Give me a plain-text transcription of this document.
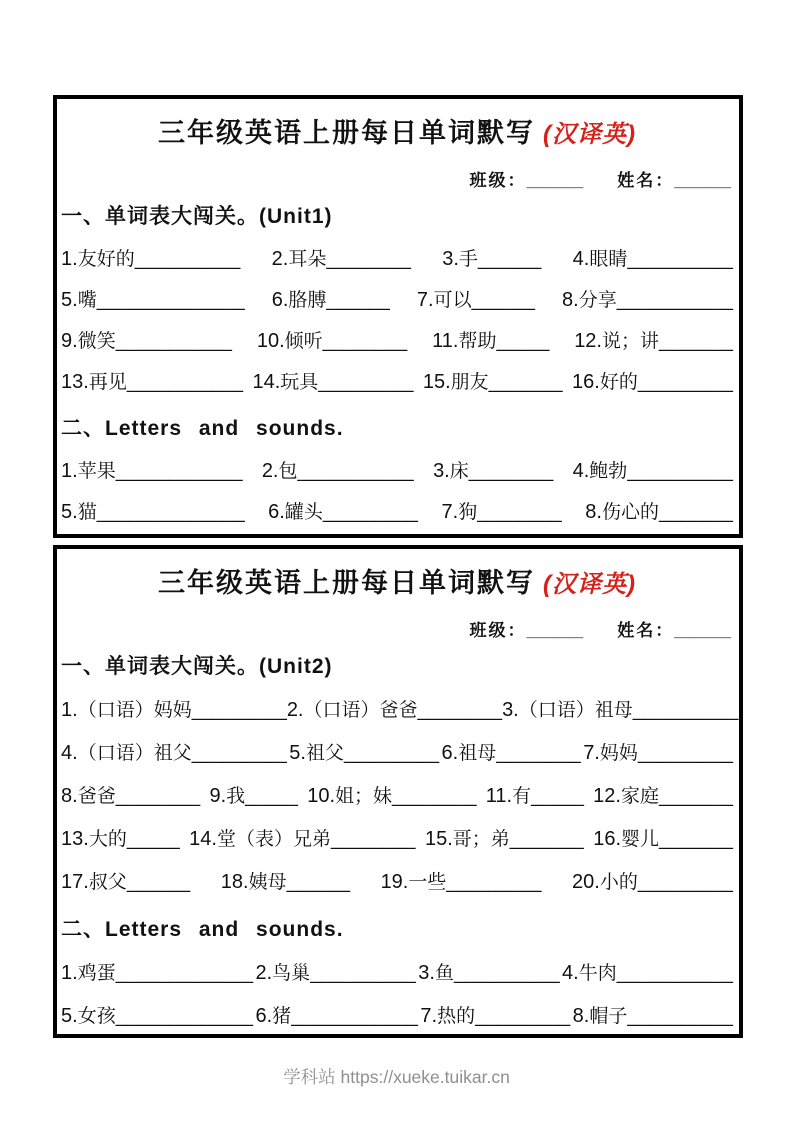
三年级英语上册每日单词默写 (汉译英)
班级：______ 姓名：______
一、单词表大闯关。(Unit1)
1.友好的__________ 2.耳朵________ 3.手______ 4.眼睛__________
5.嘴______________ 6.胳膊______ 7.可以______ 8.分享___________
9.微笑___________ 10.倾听________ 11.帮助_____ 12.说；讲_______
13.再见___________ 14.玩具_________ 15.朋友_______ 16.好的_________
二、Letters and sounds.
1.苹果____________ 2.包___________ 3.床________ 4.鲍勃__________
5.猫______________ 6.罐头_________ 7.狗________ 8.伤心的_______
三年级英语上册每日单词默写 (汉译英)
班级：______ 姓名：______
一、单词表大闯关。(Unit2)
1.（口语）妈妈_________ 2.（口语）爸爸________ 3.（口语）祖母__________
4.（口语）祖父_________ 5.祖父_________ 6.祖母________ 7.妈妈_________
8.爸爸________ 9.我_____ 10.姐；妹________ 11.有_____ 12.家庭_______
13.大的_____ 14.堂（表）兄弟________ 15.哥；弟_______ 16.婴儿_______
17.叔父______ 18.姨母______ 19.一些_________ 20.小的_________
二、Letters and sounds.
1.鸡蛋_____________ 2.鸟巢__________ 3.鱼__________ 4.牛肉___________
5.女孩_____________ 6.猪____________ 7.热的_________ 8.帽子__________
学科站 https://xueke.tuikar.cn
